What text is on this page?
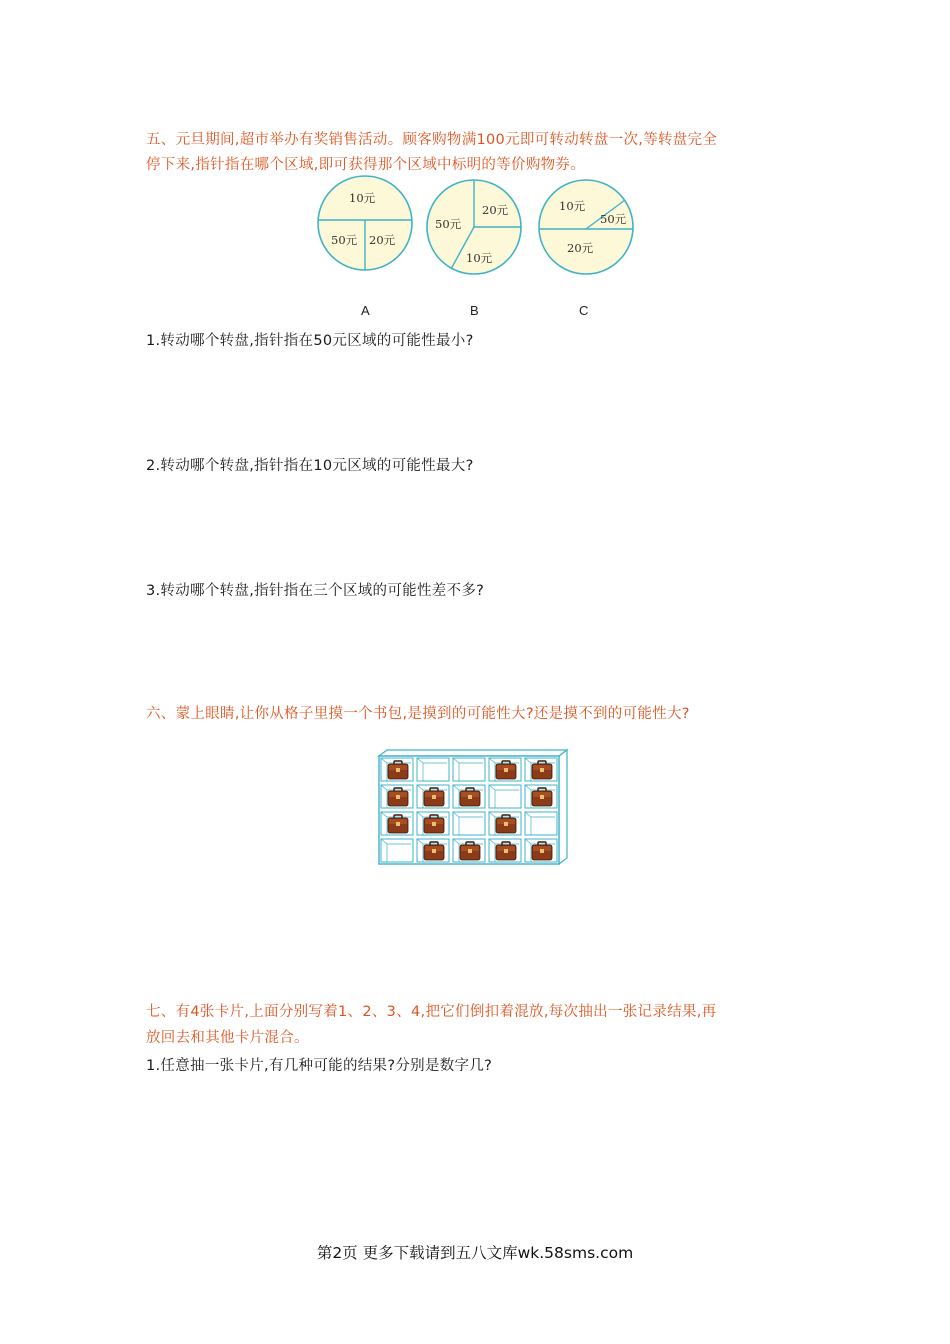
五、元旦期间,超市举办有奖销售活动。顾客购物满100元即可转动转盘一次,等转盘完全
停下来,指针指在哪个区域,即可获得那个区域中标明的等价购物券。
10元
50元 20元
20元
50元
10元
10元
50元
20元
A	B	C
1.转动哪个转盘,指针指在50元区域的可能性最小?
2.转动哪个转盘,指针指在10元区域的可能性最大?
3.转动哪个转盘,指针指在三个区域的可能性差不多?
六、蒙上眼睛,让你从格子里摸一个书包,是摸到的可能性大?还是摸不到的可能性大?
七、有4张卡片,上面分别写着1、2、3、4,把它们倒扣着混放,每次抽出一张记录结果,再
放回去和其他卡片混合。
1.任意抽一张卡片,有几种可能的结果?分别是数字几?
第2页 更多下载请到五八文库wk.58sms.com
